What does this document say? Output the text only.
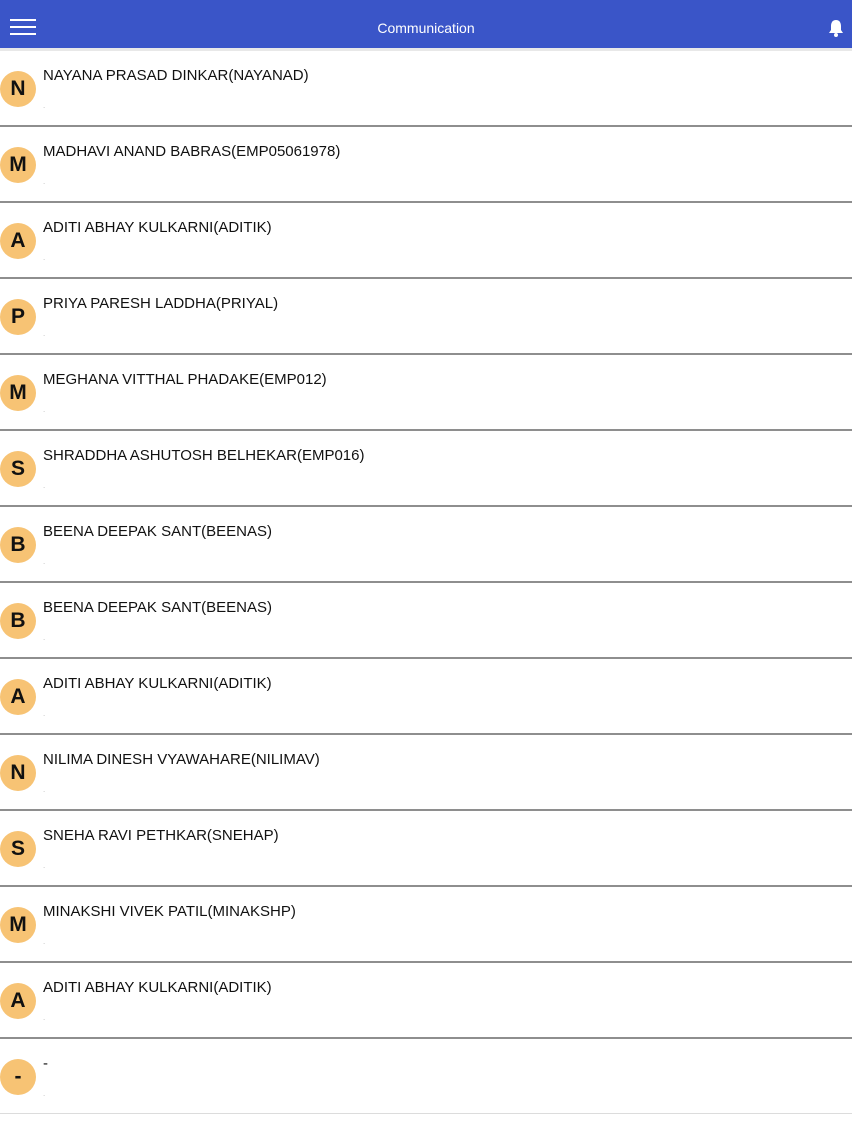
Communication
N
NAYANA PRASAD DINKAR(NAYANAD)
.
M
MADHAVI ANAND BABRAS(EMP05061978)
.
A
ADITI ABHAY KULKARNI(ADITIK)
.
P
PRIYA PARESH LADDHA(PRIYAL)
.
M
MEGHANA VITTHAL PHADAKE(EMP012)
.
S
SHRADDHA ASHUTOSH BELHEKAR(EMP016)
.
B
BEENA DEEPAK SANT(BEENAS)
.
B
BEENA DEEPAK SANT(BEENAS)
.
A
ADITI ABHAY KULKARNI(ADITIK)
.
N
NILIMA DINESH VYAWAHARE(NILIMAV)
.
S
SNEHA RAVI PETHKAR(SNEHAP)
.
M
MINAKSHI VIVEK PATIL(MINAKSHP)
.
A
ADITI ABHAY KULKARNI(ADITIK)
.
-
-
.
